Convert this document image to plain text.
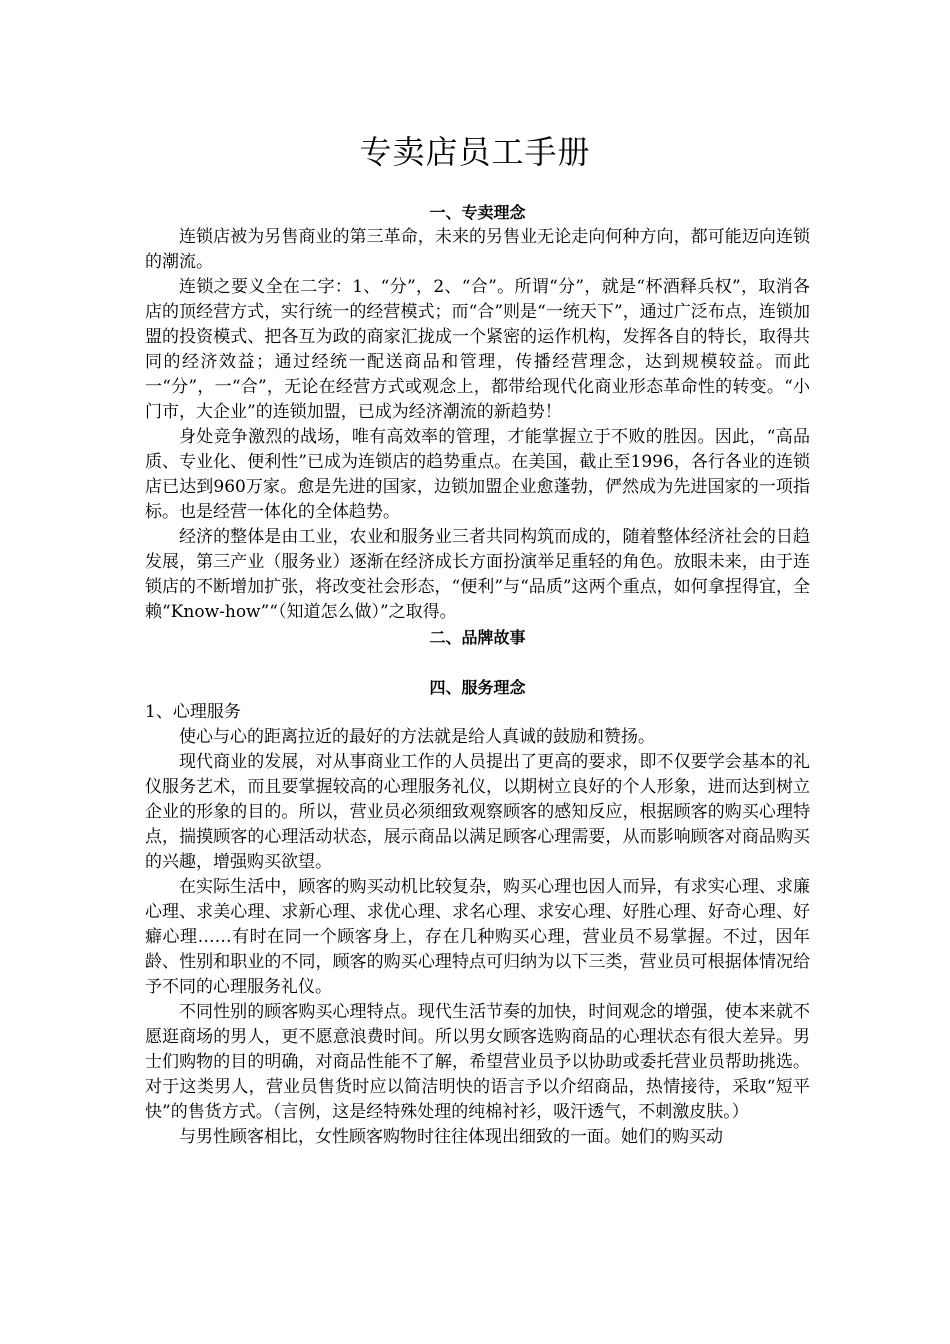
专卖店员工手册
一、专卖理念

连锁店被为另售商业的第三革命，未来的另售业无论走向何种方向，都可能迈向连锁的潮流。

连锁之要义全在二字：1、“分”，2、“合”。所谓“分”，就是“杯酒释兵权”，取消各店的顶经营方式，实行统一的经营模式；而“合”则是“一统天下”，通过广泛布点，连锁加盟的投资模式、把各互为政的商家汇拢成一个紧密的运作机构，发挥各自的特长，取得共同的经济效益；通过经统一配送商品和管理，传播经营理念，达到规模较益。而此一“分”，一“合”，无论在经营方式或观念上，都带给现代化商业形态革命性的转变。“小门市，大企业”的连锁加盟，已成为经济潮流的新趋势！

身处竞争激烈的战场，唯有高效率的管理，才能掌握立于不败的胜因。因此，“高品质、专业化、便利性”已成为连锁店的趋势重点。在美国，截止至1996，各行各业的连锁店已达到960万家。愈是先进的国家，边锁加盟企业愈蓬勃，俨然成为先进国家的一项指标。也是经营一体化的全体趋势。

经济的整体是由工业，农业和服务业三者共同构筑而成的，随着整体经济社会的日趋发展，第三产业（服务业）逐渐在经济成长方面扮演举足重轻的角色。放眼未来，由于连锁店的不断增加扩张，将改变社会形态，“便利”与“品质”这两个重点，如何拿捏得宜，全赖“Know-how”“（知道怎么做）”之取得。

二、品牌故事
四、服务理念

1、心理服务

使心与心的距离拉近的最好的方法就是给人真诚的鼓励和赞扬。

现代商业的发展，对从事商业工作的人员提出了更高的要求，即不仅要学会基本的礼仪服务艺术，而且要掌握较高的心理服务礼仪，以期树立良好的个人形象，进而达到树立企业的形象的目的。所以，营业员必须细致观察顾客的感知反应，根据顾客的购买心理特点，揣摸顾客的心理活动状态，展示商品以满足顾客心理需要，从而影响顾客对商品购买的兴趣，增强购买欲望。

在实际生活中，顾客的购买动机比较复杂，购买心理也因人而异，有求实心理、求廉心理、求美心理、求新心理、求优心理、求名心理、求安心理、好胜心理、好奇心理、好癖心理……有时在同一个顾客身上，存在几种购买心理，营业员不易掌握。不过，因年龄、性别和职业的不同，顾客的购买心理特点可归纳为以下三类，营业员可根据体情况给予不同的心理服务礼仪。

不同性别的顾客购买心理特点。现代生活节奏的加快，时间观念的增强，使本来就不愿逛商场的男人，更不愿意浪费时间。所以男女顾客选购商品的心理状态有很大差异。男士们购物的目的明确，对商品性能不了解，希望营业员予以协助或委托营业员帮助挑选。对于这类男人，营业员售货时应以简洁明快的语言予以介绍商品，热情接待，采取“短平快”的售货方式。（言例，这是经特殊处理的纯棉衬衫，吸汗透气，不刺激皮肤。）

与男性顾客相比，女性顾客购物时往往体现出细致的一面。她们的购买动
